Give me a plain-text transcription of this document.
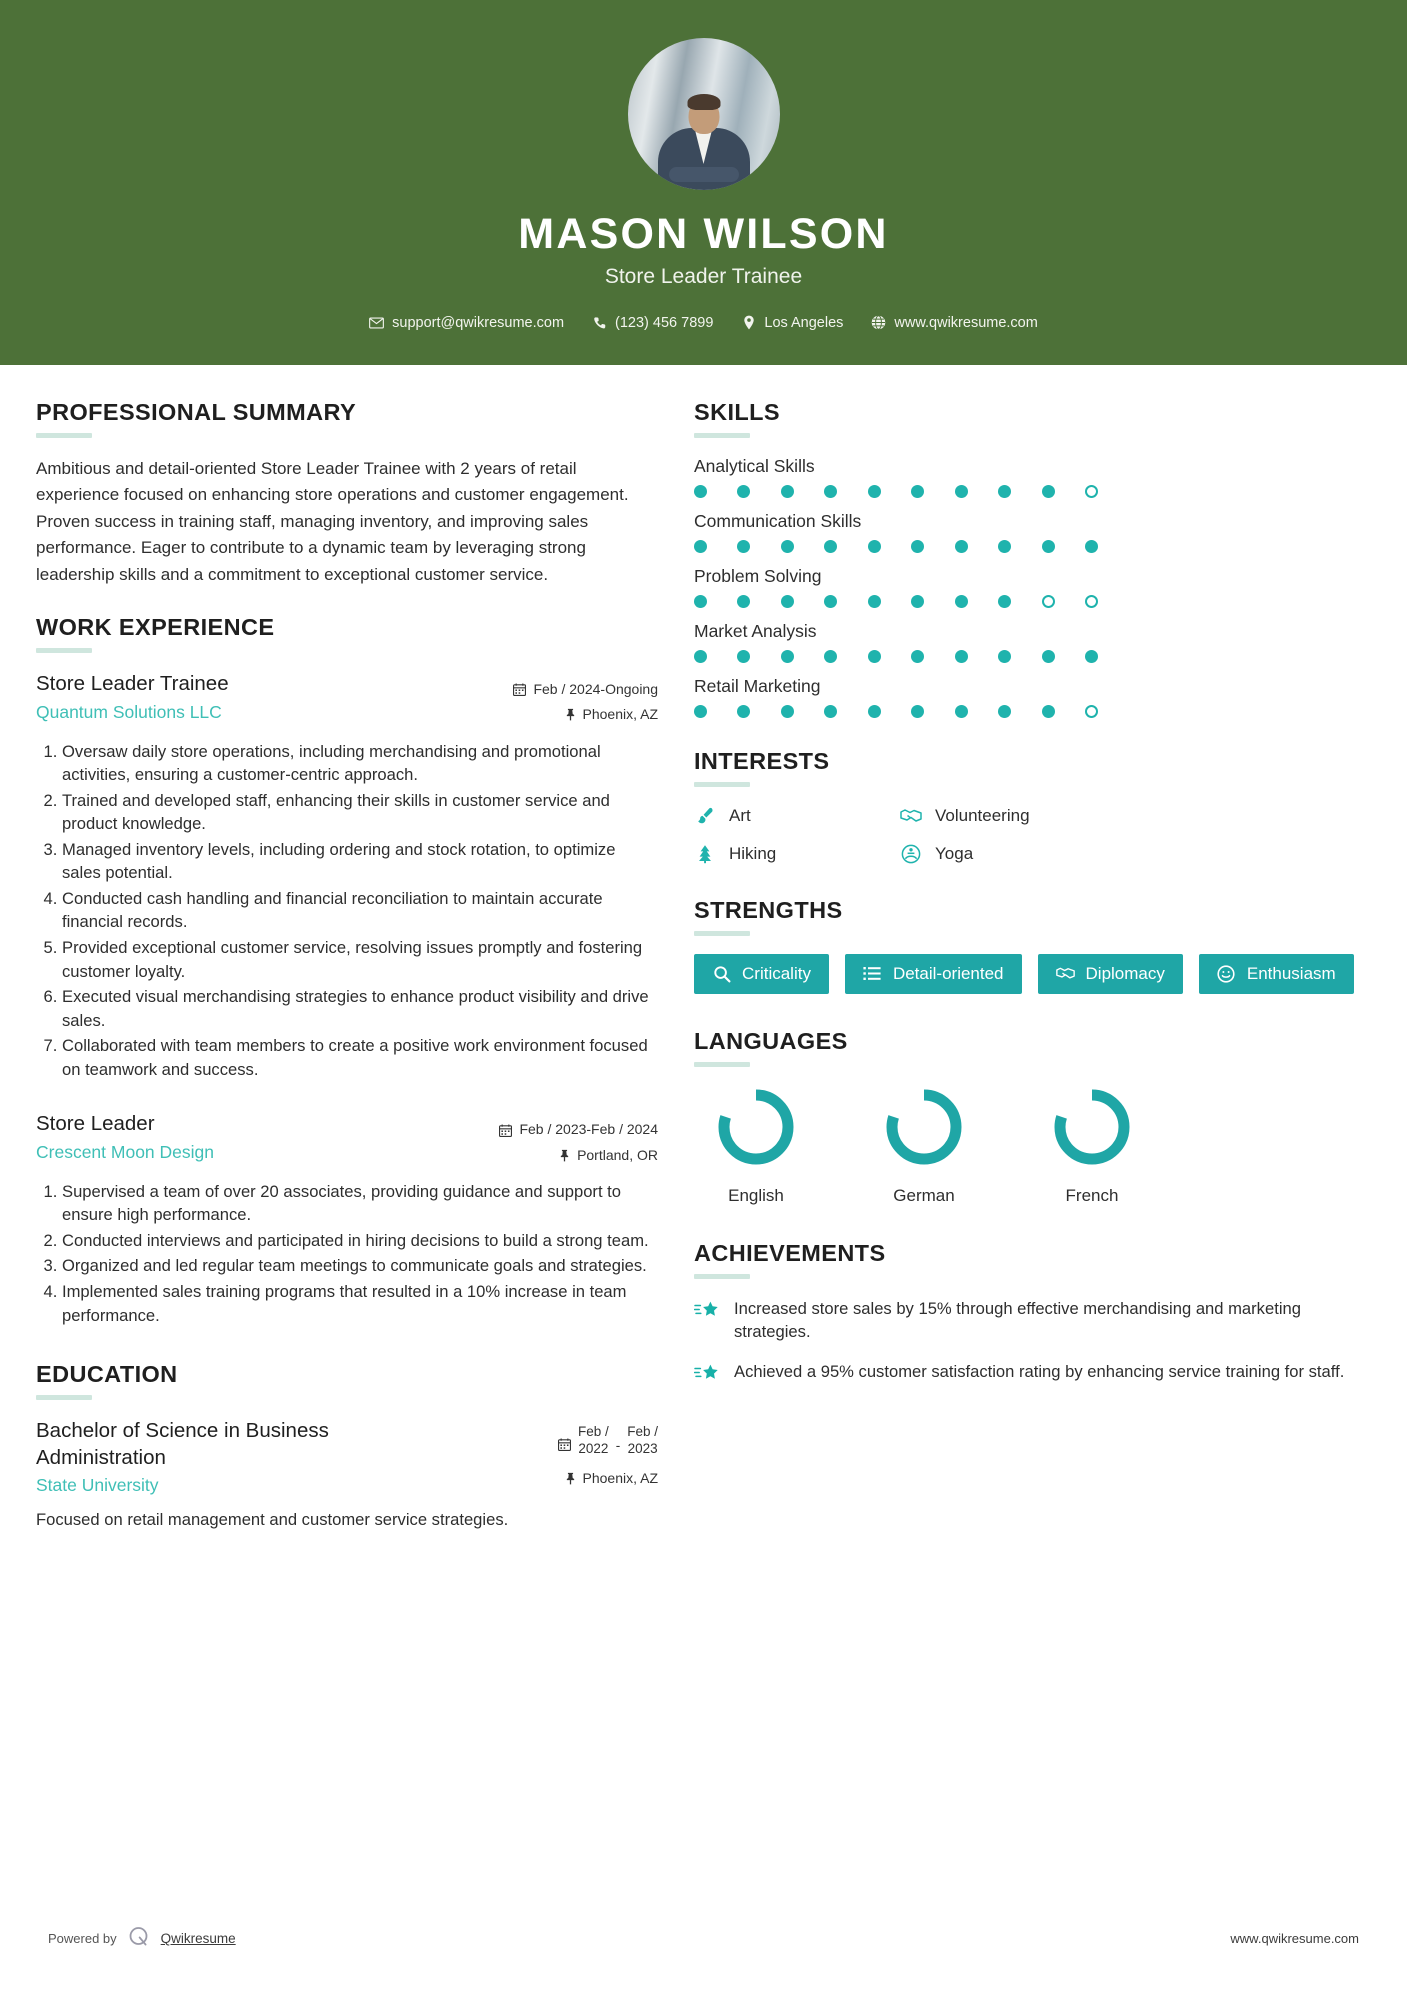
MASON WILSON
Store Leader Trainee
support@qwikresume.com	(123) 456 7899	Los Angeles	www.qwikresume.com
PROFESSIONAL SUMMARY
Ambitious and detail-oriented Store Leader Trainee with 2 years of retail experience focused on enhancing store operations and customer engagement. Proven success in training staff, managing inventory, and improving sales performance. Eager to contribute to a dynamic team by leveraging strong leadership skills and a commitment to exceptional customer service.
WORK EXPERIENCE
Store Leader Trainee
Quantum Solutions LLC
Feb / 2024-Ongoing
Phoenix, AZ
1. Oversaw daily store operations, including merchandising and promotional activities, ensuring a customer-centric approach.
2. Trained and developed staff, enhancing their skills in customer service and product knowledge.
3. Managed inventory levels, including ordering and stock rotation, to optimize sales potential.
4. Conducted cash handling and financial reconciliation to maintain accurate financial records.
5. Provided exceptional customer service, resolving issues promptly and fostering customer loyalty.
6. Executed visual merchandising strategies to enhance product visibility and drive sales.
7. Collaborated with team members to create a positive work environment focused on teamwork and success.
Store Leader
Crescent Moon Design
Feb / 2023-Feb / 2024
Portland, OR
1. Supervised a team of over 20 associates, providing guidance and support to ensure high performance.
2. Conducted interviews and participated in hiring decisions to build a strong team.
3. Organized and led regular team meetings to communicate goals and strategies.
4. Implemented sales training programs that resulted in a 10% increase in team performance.
EDUCATION
Bachelor of Science in Business Administration
State University
Feb /
2022 -
Feb /
2023
Phoenix, AZ
Focused on retail management and customer service strategies.
SKILLS
Analytical Skills
Communication Skills
Problem Solving
Market Analysis
Retail Marketing
INTERESTS
Art	Volunteering
Hiking	Yoga
STRENGTHS
Criticality	Detail-oriented	Diplomacy	Enthusiasm
LANGUAGES
English	German	French
ACHIEVEMENTS
Increased store sales by 15% through effective merchandising and marketing strategies.
Achieved a 95% customer satisfaction rating by enhancing service training for staff.
Powered by	Qwikresume	www.qwikresume.com
